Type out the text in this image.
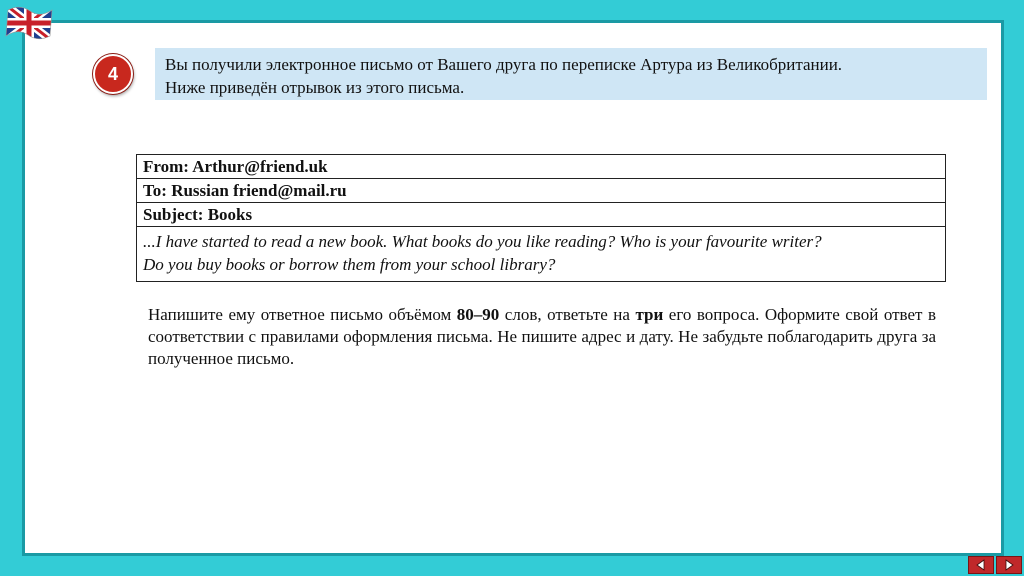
4	Вы получили электронное письмо от Вашего друга по переписке Артура из Великобритании.
Ниже приведён отрывок из этого письма.
From: Arthur@friend.uk
To: Russian friend@mail.ru
Subject: Books

...I have started to read a new book. What books do you like reading? Who is your favourite writer?
Do you buy books or borrow them from your school library?
Напишите ему ответное письмо объёмом 80–90 слов, ответьте на три его вопроса. Оформите свой ответ в соответствии с правилами оформления письма. Не пишите адрес и дату. Не забудьте поблагодарить друга за полученное письмо.
